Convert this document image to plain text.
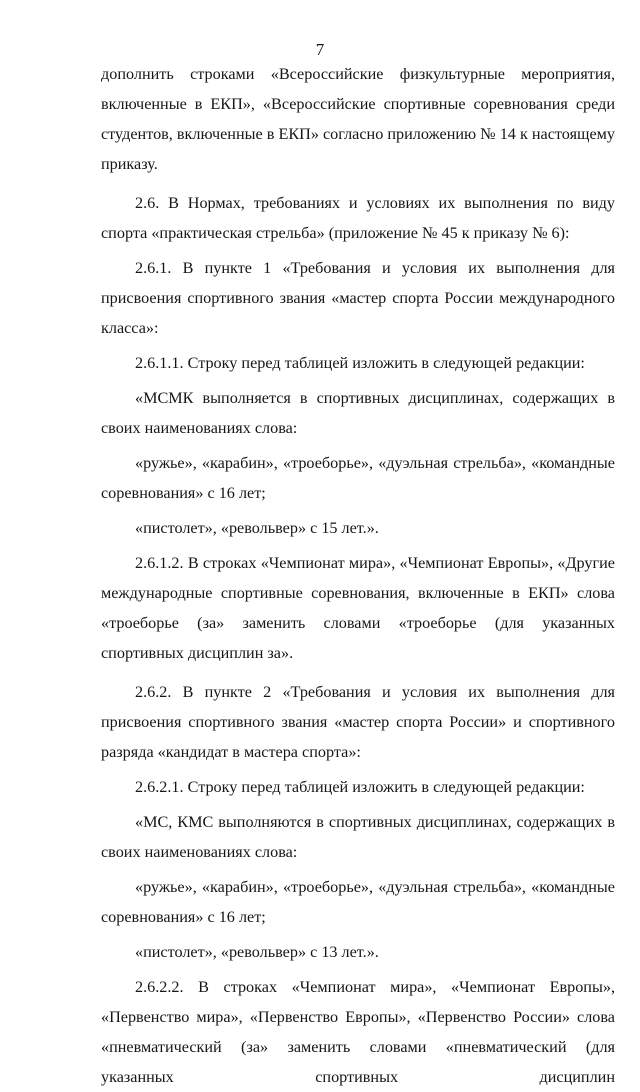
7

дополнить строками «Всероссийские физкультурные мероприятия, включенные в ЕКП», «Всероссийские спортивные соревнования среди студентов, включенные в ЕКП» согласно приложению № 14 к настоящему приказу.

2.6. В Нормах, требованиях и условиях их выполнения по виду спорта «практическая стрельба» (приложение № 45 к приказу № 6):

2.6.1. В пункте 1 «Требования и условия их выполнения для присвоения спортивного звания «мастер спорта России международного класса»:

2.6.1.1. Строку перед таблицей изложить в следующей редакции:

«МСМК выполняется в спортивных дисциплинах, содержащих в своих наименованиях слова:

«ружье», «карабин», «троеборье», «дуэльная стрельба», «командные соревнования» с 16 лет;

«пистолет», «револьвер» с 15 лет.».

2.6.1.2. В строках «Чемпионат мира», «Чемпионат Европы», «Другие международные спортивные соревнования, включенные в ЕКП» слова «троеборье (за» заменить словами «троеборье (для указанных спортивных дисциплин за».

2.6.2. В пункте 2 «Требования и условия их выполнения для присвоения спортивного звания «мастер спорта России» и спортивного разряда «кандидат в мастера спорта»:

2.6.2.1. Строку перед таблицей изложить в следующей редакции:

«МС, КМС выполняются в спортивных дисциплинах, содержащих в своих наименованиях слова:

«ружье», «карабин», «троеборье», «дуэльная стрельба», «командные соревнования» с 16 лет;

«пистолет», «револьвер» с 13 лет.».

2.6.2.2. В строках «Чемпионат мира», «Чемпионат Европы», «Первенство мира», «Первенство Европы», «Первенство России» слова «пневматический (за» заменить словами «пневматический (для указанных спортивных дисциплин
